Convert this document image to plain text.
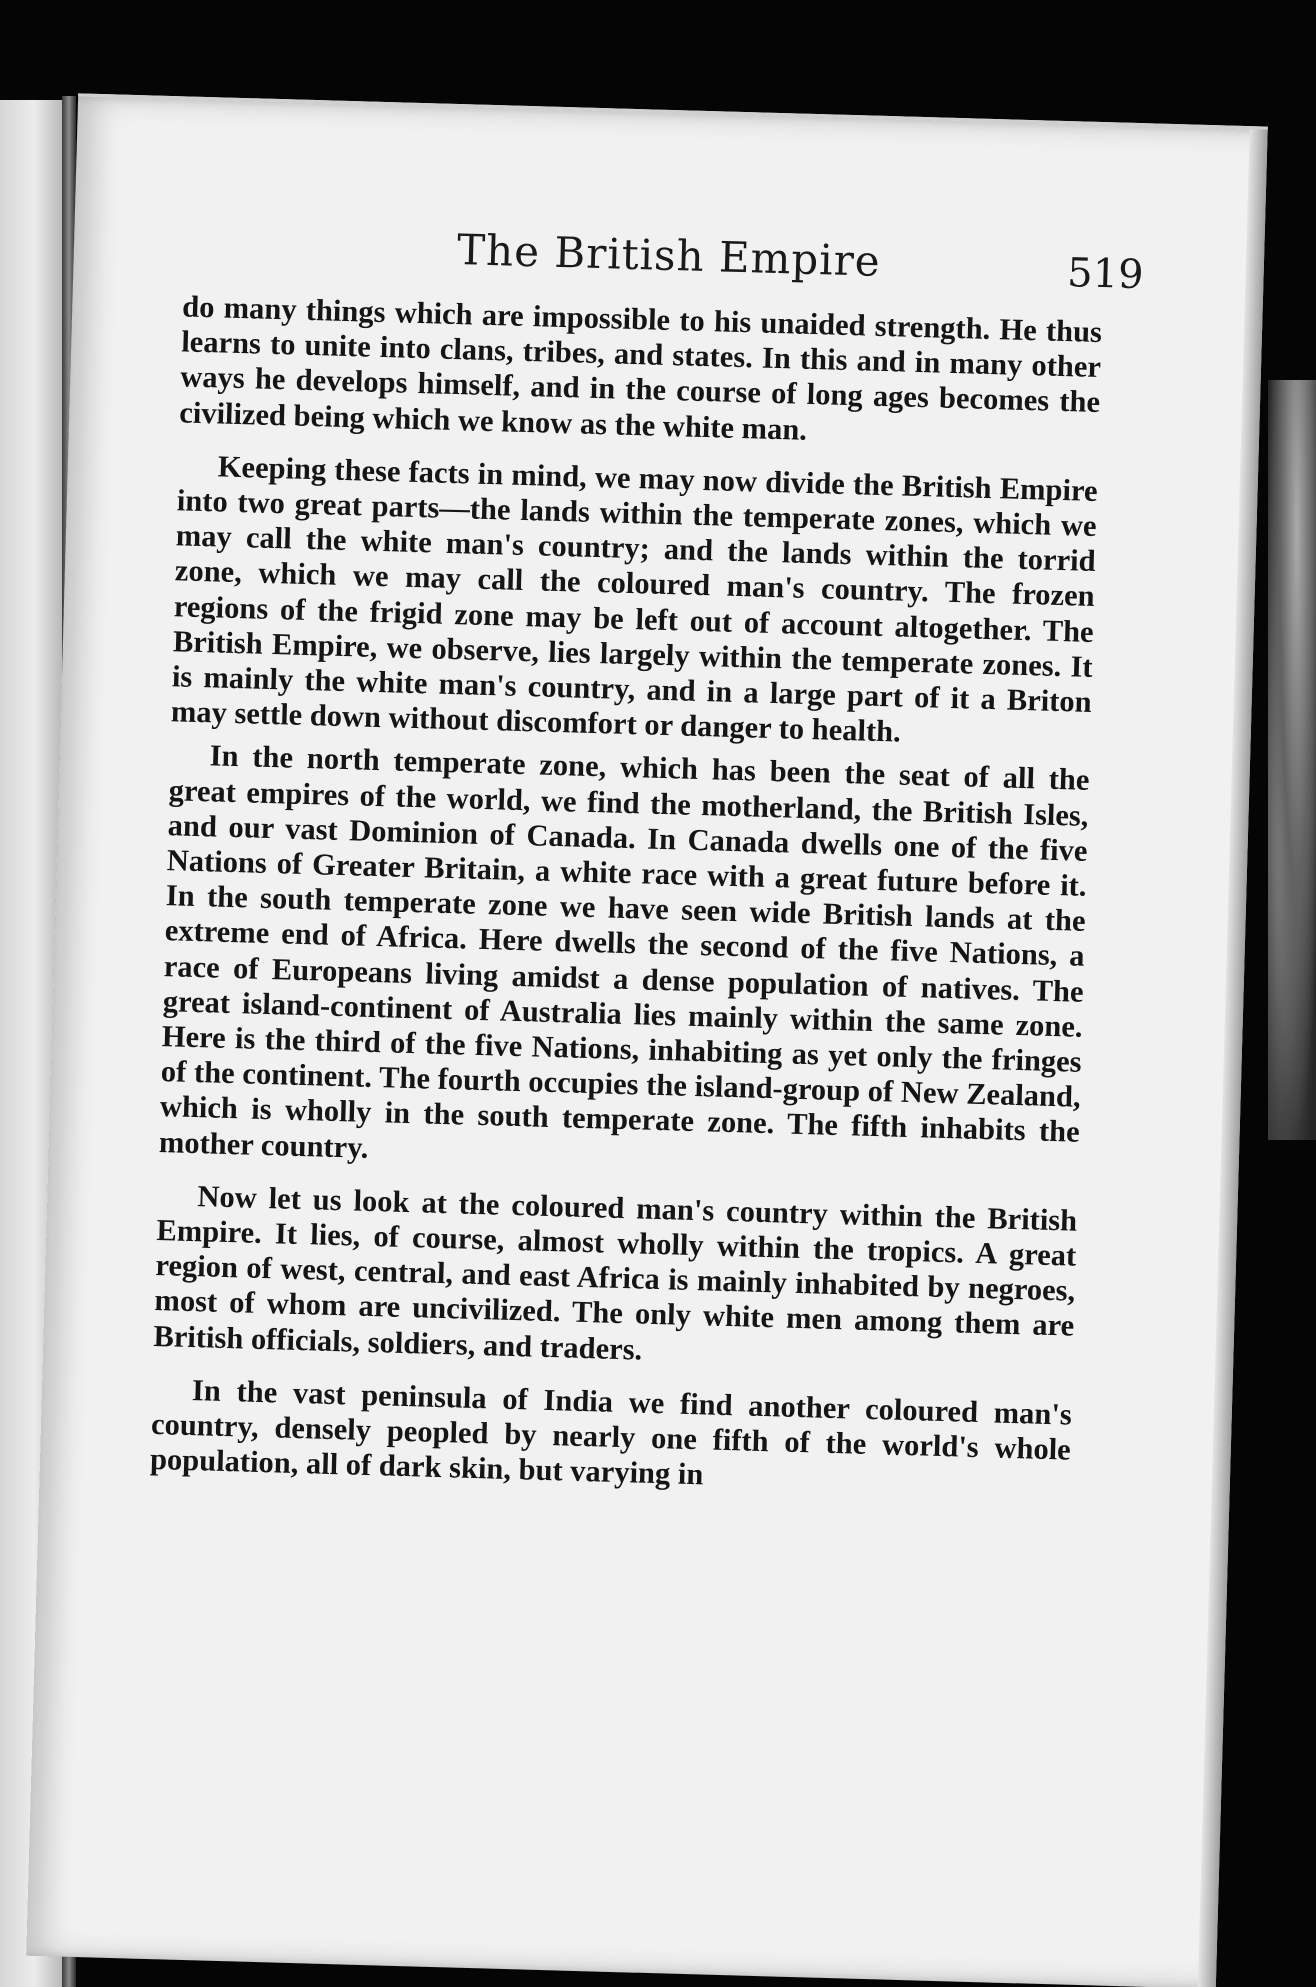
The British Empire	519

do many things which are impossible to his unaided strength. He thus learns to unite into clans, tribes, and states. In this and in many other ways he develops himself, and in the course of long ages becomes the civilized being which we know as the white man.

Keeping these facts in mind, we may now divide the British Empire into two great parts—the lands within the temperate zones, which we may call the white man's country; and the lands within the torrid zone, which we may call the coloured man's country. The frozen regions of the frigid zone may be left out of account altogether. The British Empire, we observe, lies largely within the temperate zones. It is mainly the white man's country, and in a large part of it a Briton may settle down without discomfort or danger to health.

In the north temperate zone, which has been the seat of all the great empires of the world, we find the motherland, the British Isles, and our vast Dominion of Canada. In Canada dwells one of the five Nations of Greater Britain, a white race with a great future before it. In the south temperate zone we have seen wide British lands at the extreme end of Africa. Here dwells the second of the five Nations, a race of Europeans living amidst a dense population of natives. The great island-continent of Australia lies mainly within the same zone. Here is the third of the five Nations, inhabiting as yet only the fringes of the continent. The fourth occupies the island-group of New Zealand, which is wholly in the south temperate zone. The fifth inhabits the mother country.

Now let us look at the coloured man's country within the British Empire. It lies, of course, almost wholly within the tropics. A great region of west, central, and east Africa is mainly inhabited by negroes, most of whom are uncivilized. The only white men among them are British officials, soldiers, and traders.

In the vast peninsula of India we find another coloured man's country, densely peopled by nearly one fifth of the world's whole population, all of dark skin, but varying in
